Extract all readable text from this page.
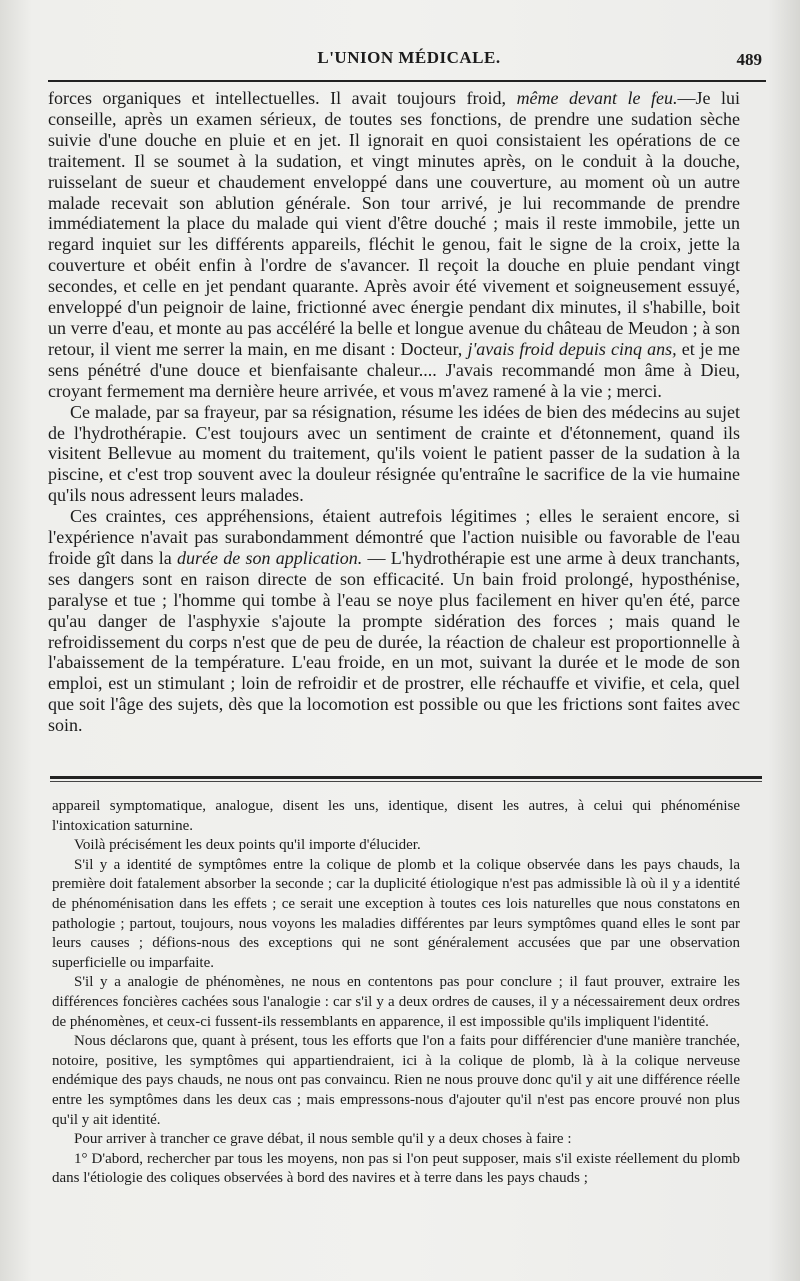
L'UNION MÉDICALE.	489

forces organiques et intellectuelles. Il avait toujours froid, même devant le feu.—Je lui conseille, après un examen sérieux, de toutes ses fonctions, de prendre une sudation sèche suivie d'une douche en pluie et en jet. Il ignorait en quoi consistaient les opérations de ce traitement. Il se soumet à la sudation, et vingt minutes après, on le conduit à la douche, ruisselant de sueur et chaudement enveloppé dans une couverture, au moment où un autre malade recevait son ablution générale. Son tour arrivé, je lui recommande de prendre immédiatement la place du malade qui vient d'être douché ; mais il reste immobile, jette un regard inquiet sur les différents appareils, fléchit le genou, fait le signe de la croix, jette la couverture et obéit enfin à l'ordre de s'avancer. Il reçoit la douche en pluie pendant vingt secondes, et celle en jet pendant quarante. Après avoir été vivement et soigneusement essuyé, enveloppé d'un peignoir de laine, frictionné avec énergie pendant dix minutes, il s'habille, boit un verre d'eau, et monte au pas accéléré la belle et longue avenue du château de Meudon ; à son retour, il vient me serrer la main, en me disant : Docteur, j'avais froid depuis cinq ans, et je me sens pénétré d'une douce et bienfaisante chaleur.... J'avais recommandé mon âme à Dieu, croyant fermement ma dernière heure arrivée, et vous m'avez ramené à la vie ; merci.

Ce malade, par sa frayeur, par sa résignation, résume les idées de bien des médecins au sujet de l'hydrothérapie. C'est toujours avec un sentiment de crainte et d'étonnement, quand ils visitent Bellevue au moment du traitement, qu'ils voient le patient passer de la sudation à la piscine, et c'est trop souvent avec la douleur résignée qu'entraîne le sacrifice de la vie humaine qu'ils nous adressent leurs malades.

Ces craintes, ces appréhensions, étaient autrefois légitimes ; elles le seraient encore, si l'expérience n'avait pas surabondamment démontré que l'action nuisible ou favorable de l'eau froide gît dans la durée de son application. — L'hydrothérapie est une arme à deux tranchants, ses dangers sont en raison directe de son efficacité. Un bain froid prolongé, hyposthénise, paralyse et tue ; l'homme qui tombe à l'eau se noye plus facilement en hiver qu'en été, parce qu'au danger de l'asphyxie s'ajoute la prompte sidération des forces ; mais quand le refroidissement du corps n'est que de peu de durée, la réaction de chaleur est proportionnelle à l'abaissement de la température. L'eau froide, en un mot, suivant la durée et le mode de son emploi, est un stimulant ; loin de refroidir et de prostrer, elle réchauffe et vivifie, et cela, quel que soit l'âge des sujets, dès que la locomotion est possible ou que les frictions sont faites avec soin.

appareil symptomatique, analogue, disent les uns, identique, disent les autres, à celui qui phénoménise l'intoxication saturnine.

Voilà précisément les deux points qu'il importe d'élucider.

S'il y a identité de symptômes entre la colique de plomb et la colique observée dans les pays chauds, la première doit fatalement absorber la seconde ; car la duplicité étiologique n'est pas admissible là où il y a identité de phénoménisation dans les effets ; ce serait une exception à toutes ces lois naturelles que nous constatons en pathologie ; partout, toujours, nous voyons les maladies différentes par leurs symptômes quand elles le sont par leurs causes ; défions-nous des exceptions qui ne sont généralement accusées que par une observation superficielle ou imparfaite.

S'il y a analogie de phénomènes, ne nous en contentons pas pour conclure ; il faut prouver, extraire les différences foncières cachées sous l'analogie : car s'il y a deux ordres de causes, il y a nécessairement deux ordres de phénomènes, et ceux-ci fussent-ils ressemblants en apparence, il est impossible qu'ils impliquent l'identité.

Nous déclarons que, quant à présent, tous les efforts que l'on a faits pour différencier d'une manière tranchée, notoire, positive, les symptômes qui appartiendraient, ici à la colique de plomb, là à la colique nerveuse endémique des pays chauds, ne nous ont pas convaincu. Rien ne nous prouve donc qu'il y ait une différence réelle entre les symptômes dans les deux cas ; mais empressons-nous d'ajouter qu'il n'est pas encore prouvé non plus qu'il y ait identité.

Pour arriver à trancher ce grave débat, il nous semble qu'il y a deux choses à faire :

1° D'abord, rechercher par tous les moyens, non pas si l'on peut supposer, mais s'il existe réellement du plomb dans l'étiologie des coliques observées à bord des navires et à terre dans les pays chauds ;
